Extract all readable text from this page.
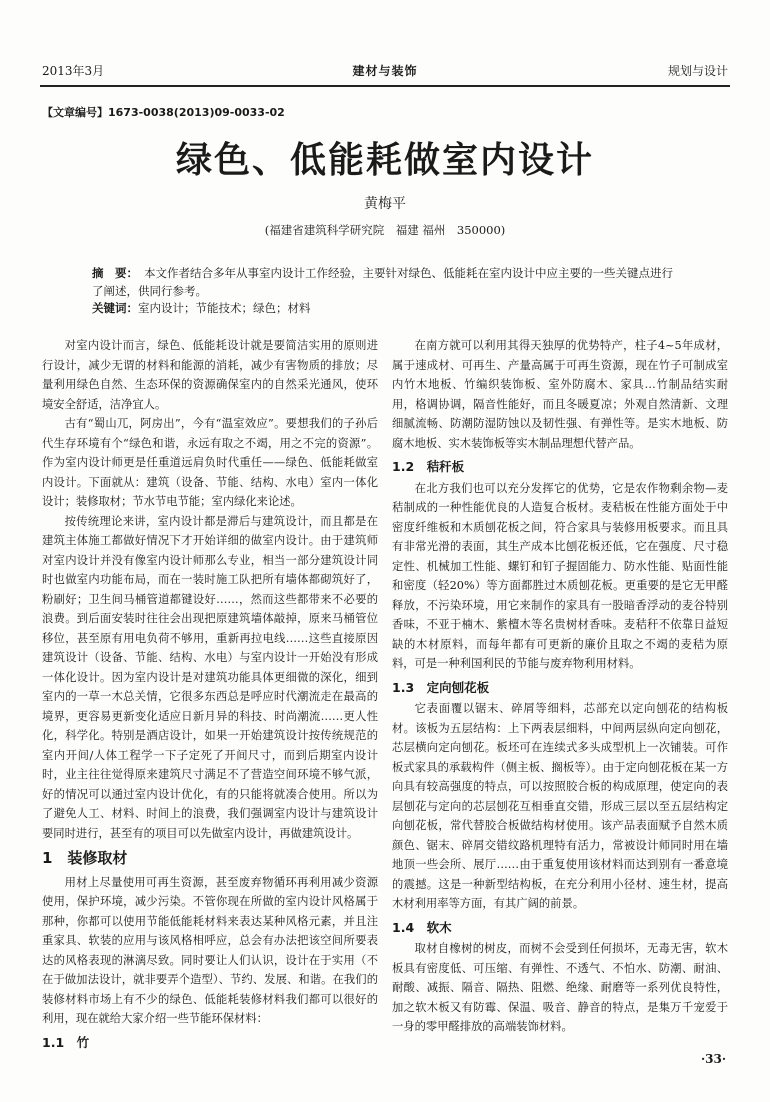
2013年3月	建材与装饰	规划与设计
【文章编号】1673-0038(2013)09-0033-02
绿色、低能耗做室内设计
黄梅平
(福建省建筑科学研究院　福建 福州　350000)
摘　要： 本文作者结合多年从事室内设计工作经验，主要针对绿色、低能耗在室内设计中应主要的一些关键点进行了阐述，供同行参考。
关键词：室内设计；节能技术；绿色；材料

对室内设计而言，绿色、低能耗设计就是要简洁实用的原则进行设计，减少无谓的材料和能源的消耗，减少有害物质的排放；尽量利用绿色自然、生态环保的资源确保室内的自然采光通风，使环境安全舒适，洁净宜人。

古有“蜀山兀，阿房出”，今有“温室效应”。要想我们的子孙后代生存环境有个“绿色和谐，永远有取之不竭，用之不完的资源”。作为室内设计师更是任重道远肩负时代重任——绿色、低能耗做室内设计。下面就从：建筑（设备、节能、结构、水电）室内一体化设计；装修取材；节水节电节能；室内绿化来论述。

按传统理论来讲，室内设计都是滞后与建筑设计，而且都是在建筑主体施工都做好情况下才开始详细的做室内设计。由于建筑师对室内设计并没有像室内设计师那么专业，相当一部分建筑设计同时也做室内功能布局，而在一装时施工队把所有墙体都砌筑好了，粉刷好；卫生间马桶管道都键设好……，然而这些都带来不必要的浪费。到后面安装时往往会出现把原建筑墙体敲掉，原来马桶管位移位，甚至原有用电负荷不够用，重新再拉电线……这些直接原因建筑设计（设备、节能、结构、水电）与室内设计一开始没有形成一体化设计。因为室内设计是对建筑功能具体更细微的深化，细到室内的一草一木总关情，它很多东西总是呼应时代潮流走在最高的境界，更容易更新变化适应日新月异的科技、时尚潮流……更人性化，科学化。特别是酒店设计，如果一开始建筑设计按传统规范的室内开间/人体工程学一下子定死了开间尺寸，而到后期室内设计时，业主往往觉得原来建筑尺寸满足不了营造空间环境不够气派，好的情况可以通过室内设计优化，有的只能将就凑合使用。所以为了避免人工、材料、时间上的浪费，我们强调室内设计与建筑设计要同时进行，甚至有的项目可以先做室内设计，再做建筑设计。

1　装修取材

用材上尽量使用可再生资源，甚至废弃物循环再利用减少资源使用，保护环境，减少污染。不管你现在所做的室内设计风格属于那种，你都可以使用节能低能耗材料来表达某种风格元素，并且注重家具、软装的应用与该风格相呼应，总会有办法把该空间所要表达的风格表现的淋漓尽致。同时要让人们认识，设计在于实用（不在于做加法设计，就非要弄个造型）、节约、发展、和谐。在我们的装修材料市场上有不少的绿色、低能耗装修材料我们都可以很好的利用，现在就给大家介绍一些节能环保材料：

1.1　竹

在南方就可以利用其得天独厚的优势特产，柱子4~5年成材，属于速成材、可再生、产量高属于可再生资源，现在竹子可制成室内竹木地板、竹编织装饰板、室外防腐木、家具…竹制品结实耐用，格调协调，隔音性能好，而且冬暖夏凉；外观自然清新、文理细腻流畅、防潮防湿防蚀以及韧性强、有弹性等。是实木地板、防腐木地板、实木装饰板等实木制品理想代替产品。

1.2　秸秆板

在北方我们也可以充分发挥它的优势，它是农作物剩余物—麦秸制成的一种性能优良的人造复合板材。麦秸板在性能方面处于中密度纤维板和木质刨花板之间，符合家具与装修用板要求。而且具有非常光滑的表面，其生产成本比刨花板还低，它在强度、尺寸稳定性、机械加工性能、螺钉和钉子握固能力、防水性能、贴面性能和密度（轻20%）等方面都胜过木质刨花板。更重要的是它无甲醛释放，不污染环境，用它来制作的家具有一股暗香浮动的麦谷特别香味，不亚于楠木、紫檀木等名贵树材香味。麦秸秆不依靠日益短缺的木材原料，而每年都有可更新的廉价且取之不竭的麦秸为原料，可是一种利国利民的节能与废弃物利用材料。

1.3　定向刨花板

它表面覆以锯末、碎屑等细料，芯部充以定向刨花的结构板材。该板为五层结构：上下两表层细料，中间两层纵向定向刨花，芯层横向定向刨花。板坯可在连续式多头成型机上一次铺装。可作板式家具的承载构件（侧主板、搁板等）。由于定向刨花板在某一方向具有较高强度的特点，可以按照胶合板的构成原理，使定向的表层刨花与定向的芯层刨花互相垂直交错，形成三层以至五层结构定向刨花板，常代替胶合板做结构材使用。该产品表面赋予自然木质颜色、锯末、碎屑交错纹路机理特有活力，常被设计师同时用在墙地顶一些会所、展厅……由于重复使用该材料而达到别有一番意境的震撼。这是一种新型结构板，在充分利用小径材、速生材，提高木材利用率等方面，有其广阔的前景。

1.4　软木

取材自橡树的树皮，而树不会受到任何损坏，无毒无害，软木板具有密度低、可压缩、有弹性、不透气、不怕水、防潮、耐油、耐酸、减振、隔音、隔热、阻燃、绝缘、耐磨等一系列优良特性，加之软木板又有防霉、保温、吸音、静音的特点，是集万千宠爱于一身的零甲醛排放的高端装饰材料。

·33·
